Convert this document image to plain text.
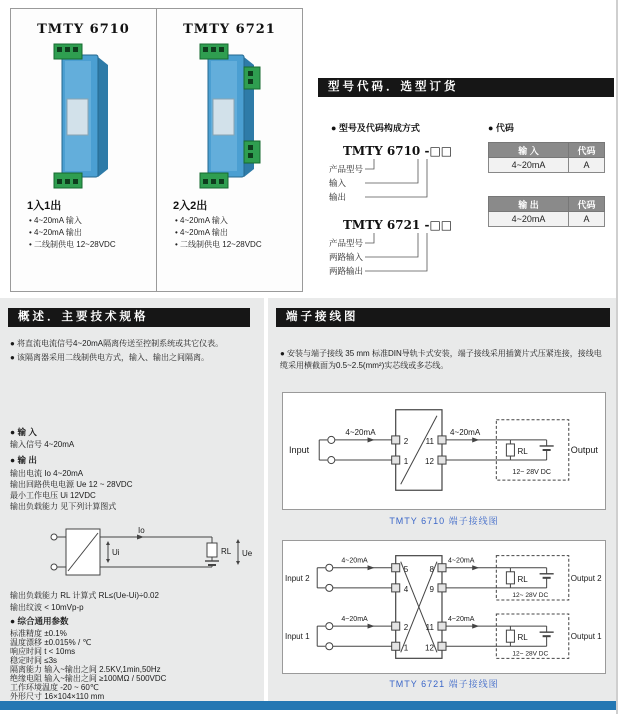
TMTY 6710
1入1出
• 4~20mA 输入
• 4~20mA 输出
• 二线制供电 12~28VDC
TMTY 6721
2入2出
• 4~20mA 输入
• 4~20mA 输出
• 二线制供电 12~28VDC
型号代码．选型订货
● 型号及代码构成方式	● 代码
TMTY 6710 -□□
产品型号
输入
输出
TMTY 6721 -□□
产品型号
两路输入
两路输出
输 入	代码
4~20mA	A
输 出	代码
4~20mA	A
概述．主要技术规格
● 将直流电流信号4~20mA隔离传送至控制系统或其它仪表。
● 该隔离器采用二线制供电方式，输入、输出之间隔离。
● 输 入
输入信号 4~20mA
● 输 出
输出电流 Io 4~20mA
输出回路供电电源 Ue 12 ~ 28VDC
最小工作电压 Ui 12VDC
输出负载能力 见下列计算图式
Io
Ui	RL Ue
输出负载能力 RL 计算式 RL≤(Ue-Ui)÷0.02
输出纹波 < 10mVp-p
● 综合通用参数
标准精度 ±0.1%
温度漂移 ±0.015% / ℃
响应时间 t < 10ms
稳定时间 ≤3s
隔离能力 输入~输出之间 2.5KV,1min,50Hz
绝缘电阻 输入~输出之间 ≥100MΩ / 500VDC
工作环境温度 -20 ~ 60℃
外形尺寸 16×104×110 mm
端子接线图
● 安装与端子接线 35 mm 标准DIN导轨卡式安装，端子接线采用插簧片式压紧连接，接线电缆采用横截面为0.5~2.5(mm²)实芯线或多芯线。
Input
4~20mA
2
1
11
12
4~20mA
RL
12~ 28V DC
Output
TMTY 6710 端子接线图
Input 2
4~20mA
5
4
8
9
4~20mA
RL
12~ 28V DC
Output 2
Input 1
4~20mA
2
1
11
12
4~20mA
RL
12~ 28V DC
Output 1
TMTY 6721 端子接线图
